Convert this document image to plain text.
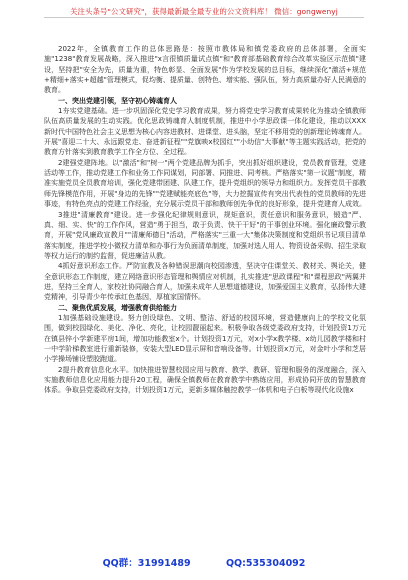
关注头条号"公文研究"，获得最新最全最专业的公文资料库！ 微信：gongwenyj

2022年，全镇教育工作的总体思路是：按照市教体局和镇党委政府的总体部署，全面实施"1238"教育发展战略，深入推进"x言很镇质量试点镇"和"教育部基础教育综合改革实验区示范镇"建设，坚持把"安全为先，质量为重，特色彰显、全面发展"作为学校发展的总目标，继续深化"激活+规范+精细+落实+超越"管理模式，促均衡、提质量、创特色、增实能、强队伍，努力高质量办好人民满意的教育。

一、突出党建引领，坚守初心铸魂育人

1夯实党建基础。进一步巩固深化党史学习教育成果，努力将党史学习教育成果转化为推动全镇教师队伍高质量发展的生动实践。优化思政铸魂育人制度机制，推进中小学思政课一体化建设，推动以XXX新时代中国特色社会主义思想为核心内容进教材、进课堂、进头脑，坚定不移用党的创新理论铸魂育人。开展"喜迎二十大、永远跟党走、奋进新征程""党旗映x校园红""小幼信"大事献"等主题实践活动，把党的教育方针落实到教育教学工作全方位、全过程。

2建强党建阵地。以"激活"和"树一"两个党建品牌为抓手，突出抓好组织建设，党员教育管理，党建活动等工作，推动党建工作和业务工作同谋划，同部署、同推进、同考核。严格落实"第一议题"制度，精准实施党员全员教育培训，强化党建带团建、队建工作，提升党组织的领导力和组织力。发挥党员干部教师先锋模范作用，开展"身边的先锋""党建赋能亮底色"等，大力挖掘宣传有突出代表性的党员教师的先进事迹，有特色亮点的党建工作经验，充分展示党员干部和教师创先争优的良好形象，提升党建育人成效。

3推进"清廉教育"建设。进一步强化纪律规则意识，规矩意识，责任意识和服务意识，锻造"严、真、细、实、快"的工作作风，营造"勇于担当，敢于负责、快干干好"的干事创业环境。强化廉政警示教育，开展"党风廉政宣教月""清廉师德日"活动，严格落实"三重一大"集体决策制度和党组织书记项目清单落实制度，推进学校小微权力清单和办事行为负面清单制度，加强对选人用人、物资设备采购、招生录取等权力运行的制约监督，促进廉洁从教。

4抓好意识形态工作。严防宣教及各种错误思潮向校园渗透，坚决守住课堂关、教材关、舆论关，健全意识形态工作制度，建立网络意识形态管理和舆情应对机制，扎实推进"思政课程"和"课程思政"两翼并进，坚持三全育人，家校社协同融合育人，加强未成年人思想道德建设，加强爱国主义教育，弘扬伟大建党精神，引导青少年传承红色基因，厚植家国情怀。

二、聚焦优质发展，增强教育供给能力

1加强基础设施建设。努力创设绿色、文明、整洁、舒适的校园环境，营造健康向上的学校文化氛围，做到校园绿化、美化、净化、亮化，让校园靓丽起来。积极争取各级党委政府支持，计划投资1万元在镇县锌小学新建平房1间，增加功能教室x个。计划投资1万元，对x小学x教学楼、x幼儿园教学楼和村一中学阶梯教室进行重新装修，安装大型LED显示屏和音响设备等。计划投资x万元，对金叶小学和芝居小学操场铺设塑胶跑道。

2提升教育信息化水平。加快推进智慧校园应用与教育、教学、教研、管理和服务的深度融合，深入实施教师信息化应用能力提升20工程，确保全镇教师在教育教学中熟练应用，形成协同开放的智慧教育体系。争取县党委政府支持，计划投资1万元，更新多媒体触控教学一体机和电子白板等现代化设施x

QQ群：31991489	QQ:535304092
